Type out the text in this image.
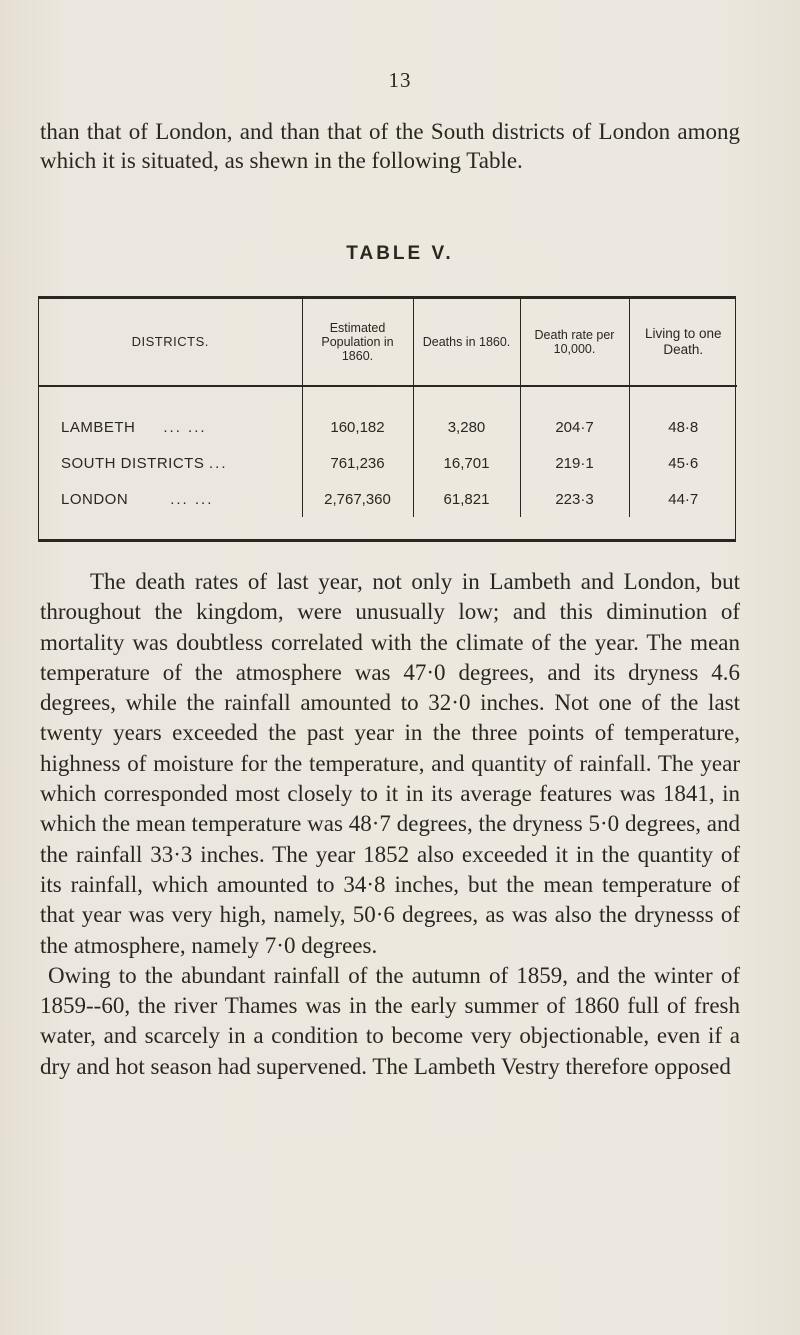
13
than that of London, and than that of the South districts of London among which it is situated, as shewn in the following Table.
TABLE V.
DISTRICTS.	Estimated Population in 1860.	Deaths in 1860.	Death rate per 10,000.	Living to one Death.
LAMBETH ... ...	160,182	3,280	204·7	48·8
SOUTH DISTRICTS ...	761,236	16,701	219·1	45·6
LONDON ... ...	2,767,360	61,821	223·3	44·7

The death rates of last year, not only in Lambeth and London, but throughout the kingdom, were unusually low; and this diminution of mortality was doubtless correlated with the climate of the year. The mean temperature of the atmosphere was 47·0 degrees, and its dryness 4.6 degrees, while the rainfall amounted to 32·0 inches. Not one of the last twenty years exceeded the past year in the three points of temperature, highness of moisture for the temperature, and quantity of rainfall. The year which corresponded most closely to it in its average features was 1841, in which the mean temperature was 48·7 degrees, the dryness 5·0 degrees, and the rainfall 33·3 inches. The year 1852 also exceeded it in the quantity of its rainfall, which amounted to 34·8 inches, but the mean temperature of that year was very high, namely, 50·6 degrees, as was also the drynesss of the atmosphere, namely 7·0 degrees.

Owing to the abundant rainfall of the autumn of 1859, and the winter of 1859--60, the river Thames was in the early summer of 1860 full of fresh water, and scarcely in a condition to become very objectionable, even if a dry and hot season had supervened. The Lambeth Vestry therefore opposed
